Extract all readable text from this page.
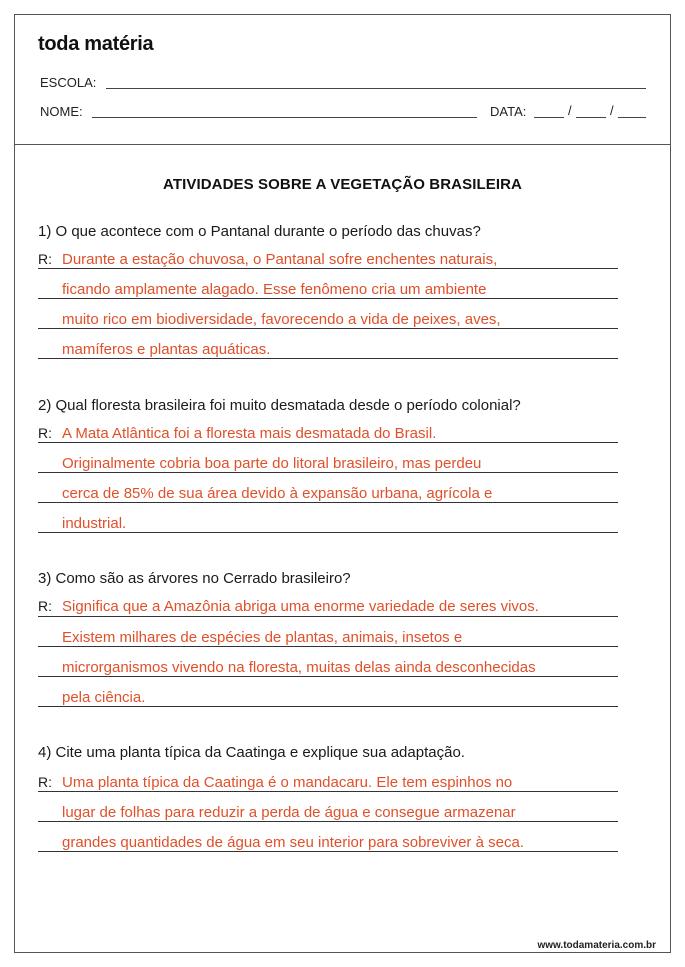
toda matéria
ESCOLA:
NOME:	DATA:	/	/
ATIVIDADES SOBRE A VEGETAÇÃO BRASILEIRA
1) O que acontece com o Pantanal durante o período das chuvas?
R: Durante a estação chuvosa, o Pantanal sofre enchentes naturais,
ficando amplamente alagado. Esse fenômeno cria um ambiente
muito rico em biodiversidade, favorecendo a vida de peixes, aves,
mamíferos e plantas aquáticas.
2) Qual floresta brasileira foi muito desmatada desde o período colonial?
R: A Mata Atlântica foi a floresta mais desmatada do Brasil.
Originalmente cobria boa parte do litoral brasileiro, mas perdeu
cerca de 85% de sua área devido à expansão urbana, agrícola e
industrial.
3) Como são as árvores no Cerrado brasileiro?
R: Significa que a Amazônia abriga uma enorme variedade de seres vivos.
Existem milhares de espécies de plantas, animais, insetos e
microrganismos vivendo na floresta, muitas delas ainda desconhecidas
pela ciência.
4) Cite uma planta típica da Caatinga e explique sua adaptação.
R: Uma planta típica da Caatinga é o mandacaru. Ele tem espinhos no
lugar de folhas para reduzir a perda de água e consegue armazenar
grandes quantidades de água em seu interior para sobreviver à seca.
www.todamateria.com.br
